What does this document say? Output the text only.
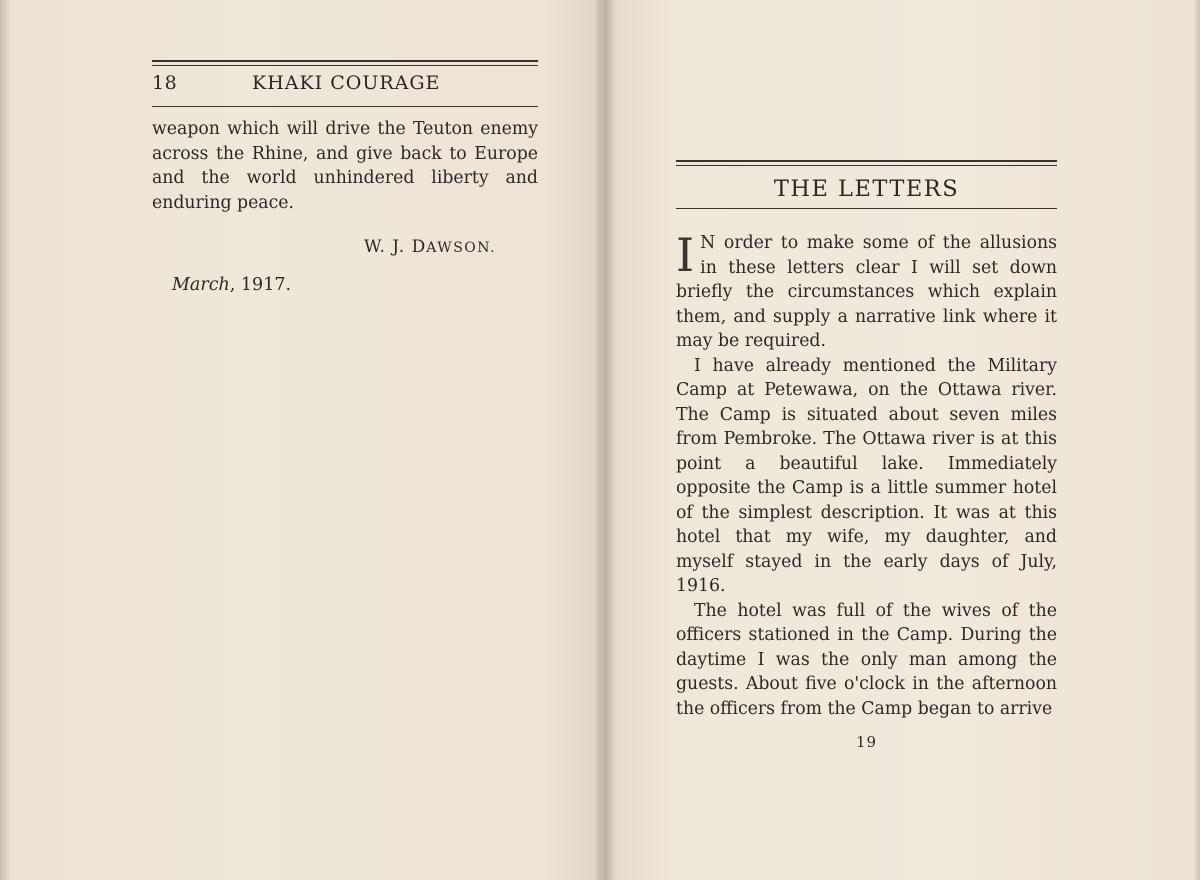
18	KHAKI COURAGE

weapon which will drive the Teuton enemy across the Rhine, and give back to Europe and the world unhindered liberty and enduring peace.

W. J. DAWSON.
March, 1917.
THE LETTERS

I N order to make some of the allusions in these letters clear I will set down briefly the circumstances which explain them, and supply a narrative link where it may be required.

I have already mentioned the Military Camp at Petewawa, on the Ottawa river. The Camp is situated about seven miles from Pembroke. The Ottawa river is at this point a beautiful lake. Immediately opposite the Camp is a little summer hotel of the simplest description. It was at this hotel that my wife, my daughter, and myself stayed in the early days of July, 1916.

The hotel was full of the wives of the officers stationed in the Camp. During the daytime I was the only man among the guests. About five o'clock in the afternoon the officers from the Camp began to arrive

19
